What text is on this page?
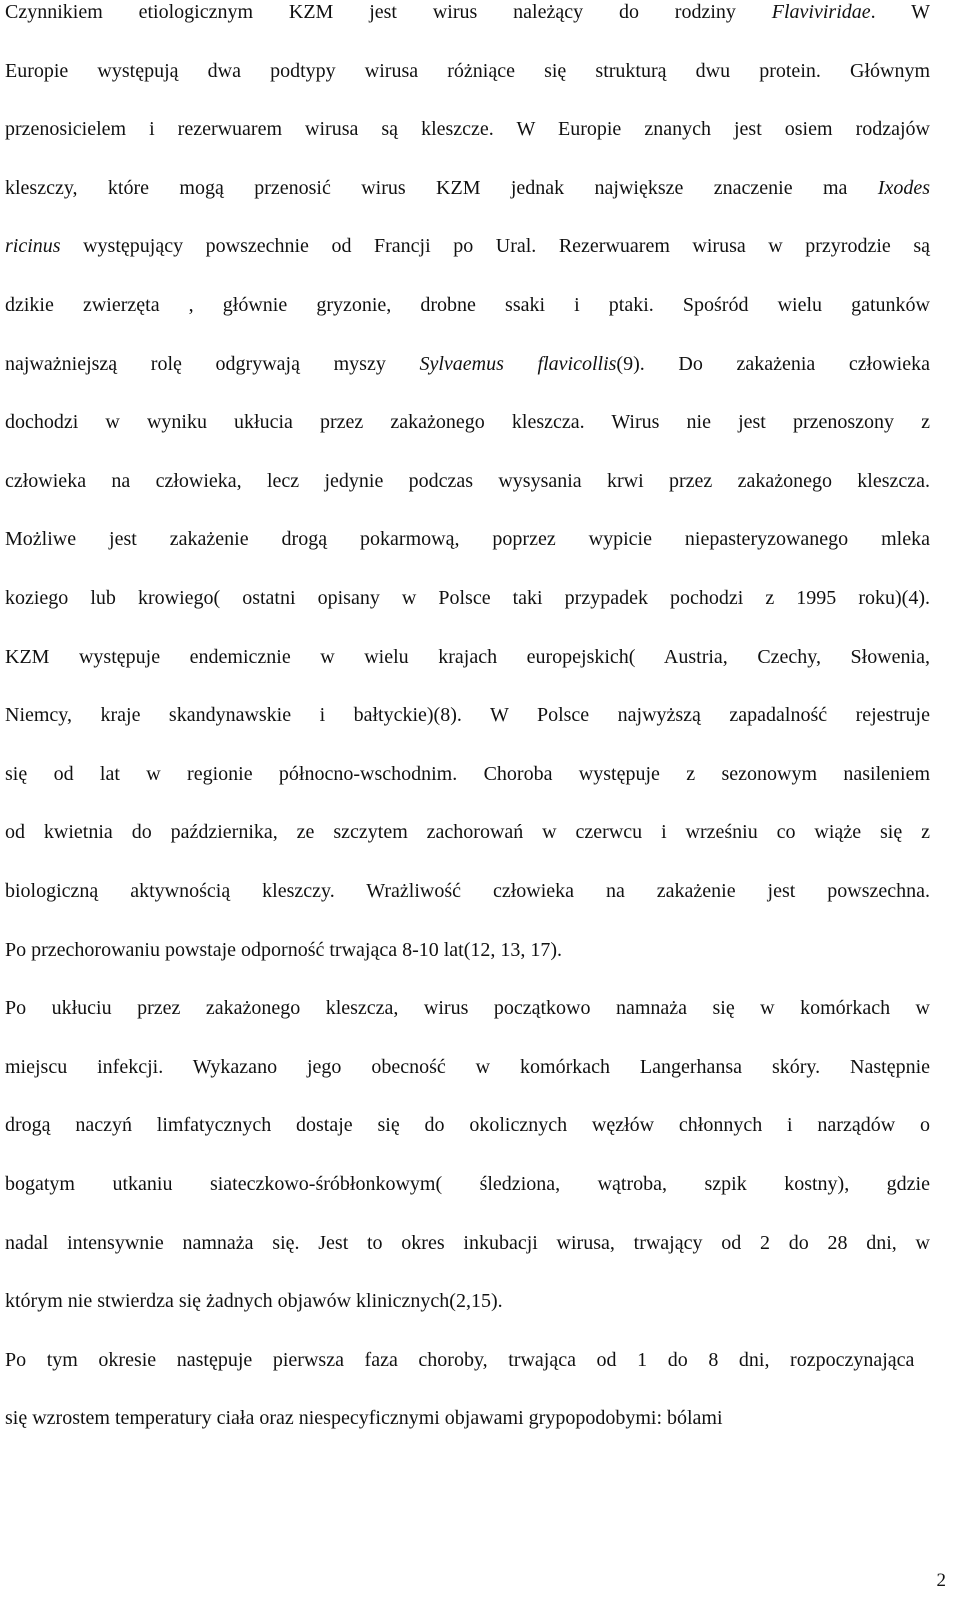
2
Czynnikiem etiologicznym KZM jest wirus należący do rodziny Flaviviridae. W
Europie występują dwa podtypy wirusa różniące się strukturą dwu protein. Głównym
przenosicielem i rezerwuarem wirusa są kleszcze. W Europie znanych jest osiem rodzajów
kleszczy, które mogą przenosić wirus KZM jednak największe znaczenie ma Ixodes
ricinus występujący powszechnie od Francji po Ural. Rezerwuarem wirusa w przyrodzie są
dzikie zwierzęta , głównie gryzonie, drobne ssaki i ptaki. Spośród wielu gatunków
najważniejszą rolę odgrywają myszy Sylvaemus flavicollis(9). Do zakażenia człowieka
dochodzi w wyniku ukłucia przez zakażonego kleszcza. Wirus nie jest przenoszony z
człowieka na człowieka, lecz jedynie podczas wysysania krwi przez zakażonego kleszcza.
Możliwe jest zakażenie drogą pokarmową, poprzez wypicie niepasteryzowanego mleka
koziego lub krowiego( ostatni opisany w Polsce taki przypadek pochodzi z 1995 roku)(4).
KZM występuje endemicznie w wielu krajach europejskich( Austria, Czechy, Słowenia,
Niemcy, kraje skandynawskie i bałtyckie)(8). W Polsce najwyższą zapadalność rejestruje
się od lat w regionie północno-wschodnim. Choroba występuje z sezonowym nasileniem
od kwietnia do października, ze szczytem zachorowań w czerwcu i wrześniu co wiąże się z
biologiczną aktywnością kleszczy. Wrażliwość człowieka na zakażenie jest powszechna.
Po przechorowaniu powstaje odporność trwająca 8-10 lat(12, 13, 17).
Po ukłuciu przez zakażonego kleszcza, wirus początkowo namnaża się w komórkach w
miejscu infekcji. Wykazano jego obecność w komórkach Langerhansa skóry. Następnie
drogą naczyń limfatycznych dostaje się do okolicznych węzłów chłonnych i narządów o
bogatym utkaniu siateczkowo-śróbłonkowym( śledziona, wątroba, szpik kostny), gdzie
nadal intensywnie namnaża się. Jest to okres inkubacji wirusa, trwający od 2 do 28 dni, w
którym nie stwierdza się żadnych objawów klinicznych(2,15).
Po tym okresie następuje pierwsza faza choroby, trwająca od 1 do 8 dni, rozpoczynająca
się wzrostem temperatury ciała oraz niespecyficznymi objawami grypopodobymi: bólami
